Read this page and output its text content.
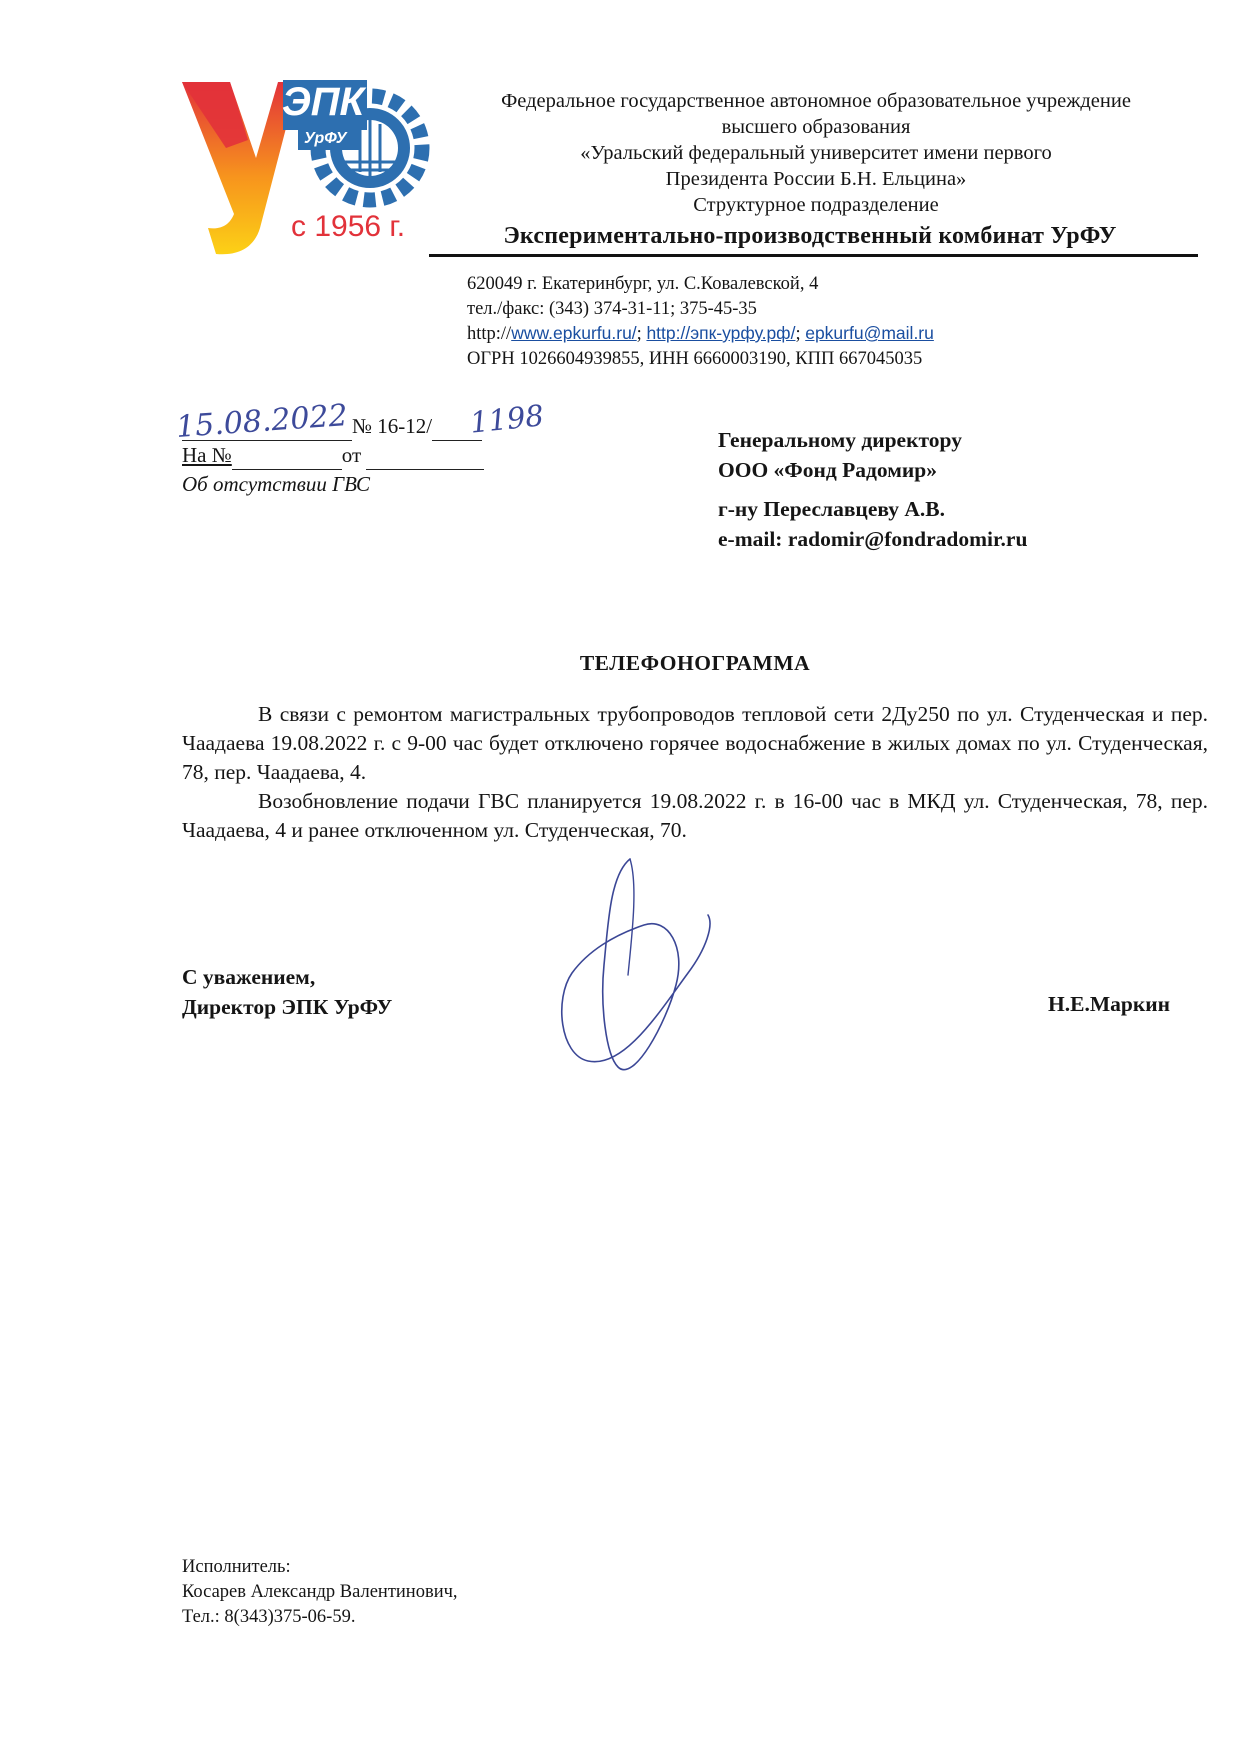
ЭПК
УрФУ
с 1956 г.
Федеральное государственное автономное образовательное учреждение
высшего образования
«Уральский федеральный университет имени первого
Президента России Б.Н. Ельцина»
Структурное подразделение
Экспериментально-производственный комбинат УрФУ
620049 г. Екатеринбург, ул. С.Ковалевской, 4
тел./факс: (343) 374-31-11; 375-45-35
http://www.epkurfu.ru/; http://эпк-урфу.рф/; epkurfu@mail.ru
ОГРН 1026604939855, ИНН 6660003190, КПП 667045035
№ 16-12/
На №	от
Об отсутствии ГВС
15.08.2022	1198
Генеральному директору
ООО «Фонд Радомир»
г-ну Переславцеву А.В.
e-mail: radomir@fondradomir.ru
ТЕЛЕФОНОГРАММА

В связи с ремонтом магистральных трубопроводов тепловой сети 2Ду250 по ул. Студенческая и пер. Чаадаева 19.08.2022 г. с 9-00 час будет отключено горячее водоснабжение в жилых домах по ул. Студенческая, 78, пер. Чаадаева, 4.

Возобновление подачи ГВС планируется 19.08.2022 г. в 16-00 час в МКД ул. Студенческая, 78, пер. Чаадаева, 4 и ранее отключенном ул. Студенческая, 70.

С уважением,
Директор ЭПК УрФУ	Н.Е.Маркин
Исполнитель:
Косарев Александр Валентинович,
Тел.: 8(343)375-06-59.
